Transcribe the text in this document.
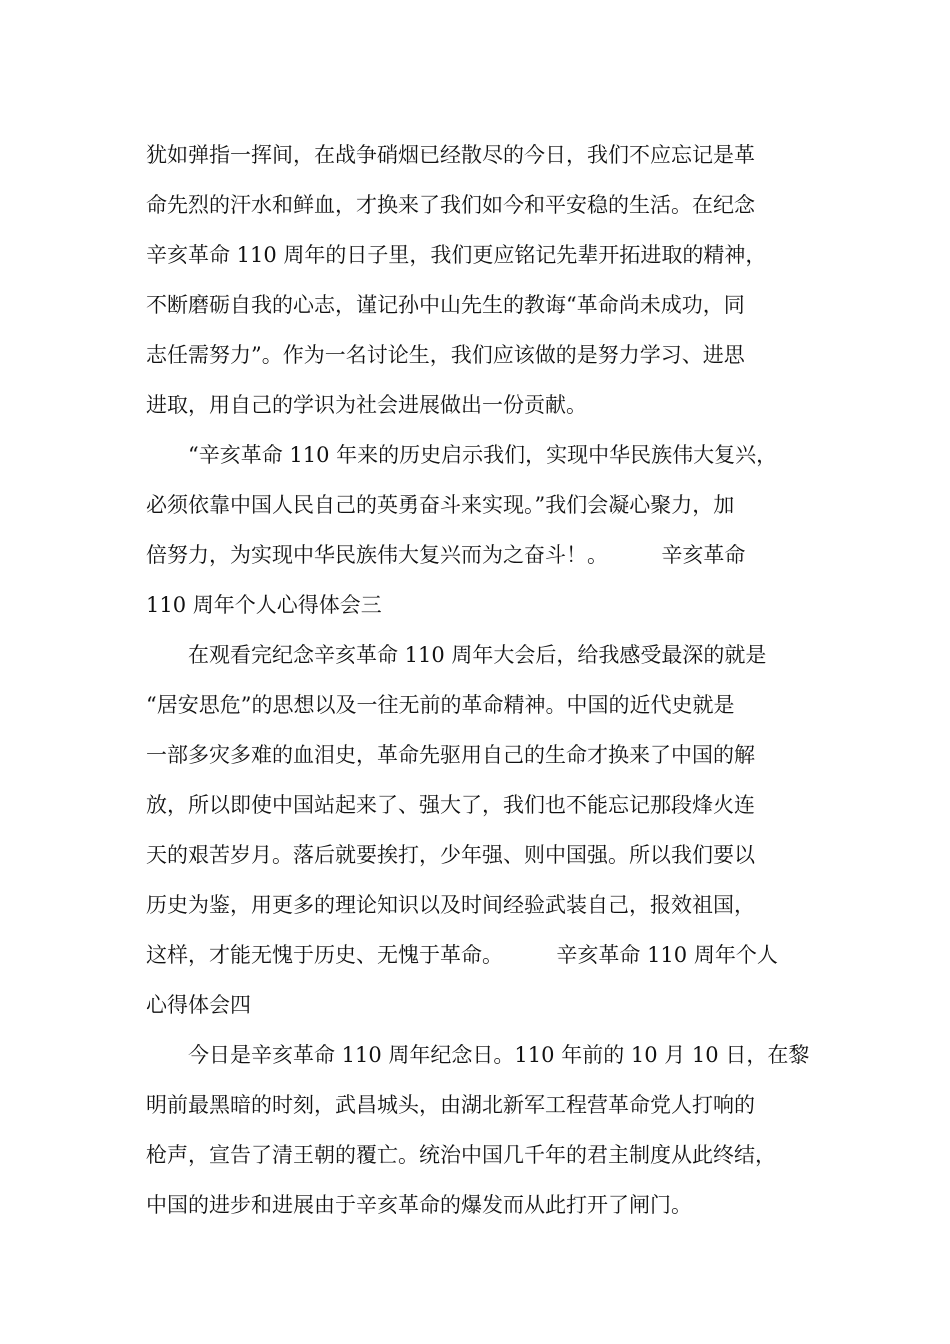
犹如弹指一挥间，在战争硝烟已经散尽的今日，我们不应忘记是革
命先烈的汗水和鲜血，才换来了我们如今和平安稳的生活。在纪念
辛亥革命 110 周年的日子里，我们更应铭记先辈开拓进取的精神，
不断磨砺自我的心志，谨记孙中山先生的教诲“革命尚未成功，同
志任需努力”。作为一名讨论生，我们应该做的是努力学习、进思
进取，用自己的学识为社会进展做出一份贡献。
“辛亥革命 110 年来的历史启示我们，实现中华民族伟大复兴，
必须依靠中国人民自己的英勇奋斗来实现。”我们会凝心聚力，加
倍努力，为实现中华民族伟大复兴而为之奋斗！。        辛亥革命
110 周年个人心得体会三
在观看完纪念辛亥革命 110 周年大会后，给我感受最深的就是
“居安思危”的思想以及一往无前的革命精神。中国的近代史就是
一部多灾多难的血泪史，革命先驱用自己的生命才换来了中国的解
放，所以即使中国站起来了、强大了，我们也不能忘记那段烽火连
天的艰苦岁月。落后就要挨打，少年强、则中国强。所以我们要以
历史为鉴，用更多的理论知识以及时间经验武装自己，报效祖国，
这样，才能无愧于历史、无愧于革命。        辛亥革命 110 周年个人
心得体会四
今日是辛亥革命 110 周年纪念日。110 年前的 10 月 10 日，在黎
明前最黑暗的时刻，武昌城头，由湖北新军工程营革命党人打响的
枪声，宣告了清王朝的覆亡。统治中国几千年的君主制度从此终结，
中国的进步和进展由于辛亥革命的爆发而从此打开了闸门。
